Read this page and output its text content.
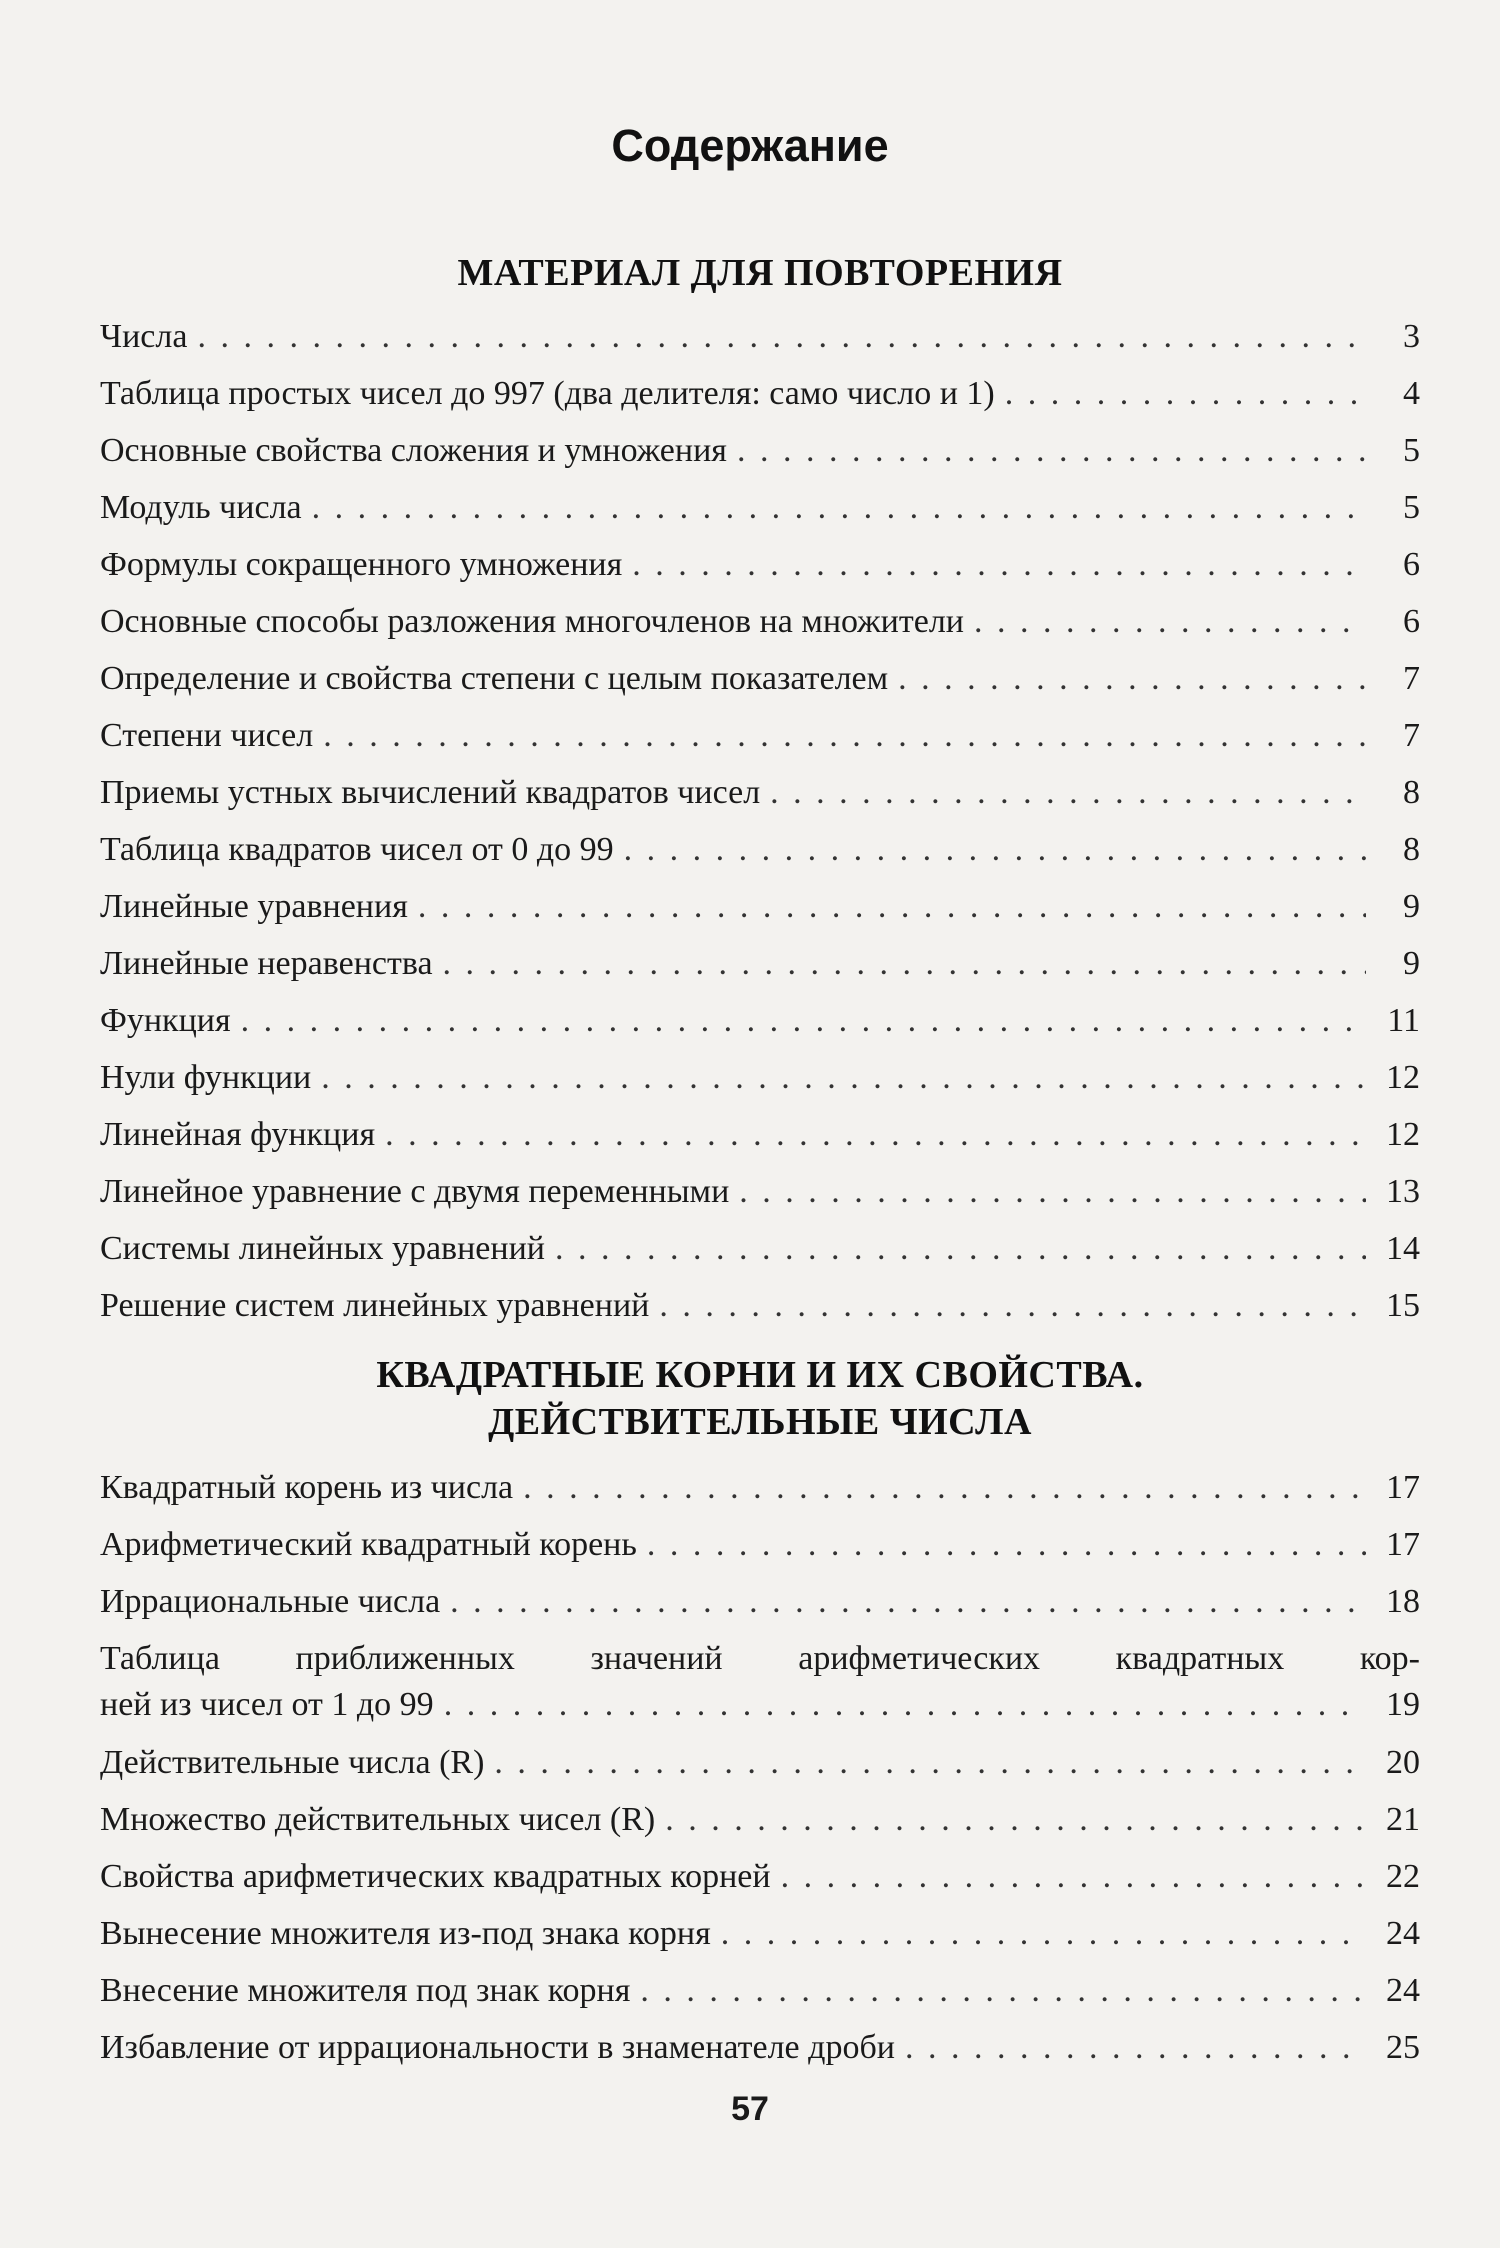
Содержание
МАТЕРИАЛ ДЛЯ ПОВТОРЕНИЯ
Числа . . .	3
Таблица простых чисел до 997 (два делителя: само число и 1) . . .	4
Основные свойства сложения и умножения . . .	5
Модуль числа . . .	5
Формулы сокращенного умножения . . .	6
Основные способы разложения многочленов на множители . . .	6
Определение и свойства степени с целым показателем . . .	7
Степени чисел . . .	7
Приемы устных вычислений квадратов чисел . . .	8
Таблица квадратов чисел от 0 до 99 . . .	8
Линейные уравнения . . .	9
Линейные неравенства . . .	9
Функция . . .	11
Нули функции . . .	12
Линейная функция . . .	12
Линейное уравнение с двумя переменными . . .	13
Системы линейных уравнений . . .	14
Решение систем линейных уравнений . . .	15
КВАДРАТНЫЕ КОРНИ И ИХ СВОЙСТВА.
ДЕЙСТВИТЕЛЬНЫЕ ЧИСЛА
Квадратный корень из числа . . .	17
Арифметический квадратный корень . . .	17
Иррациональные числа . . .	18
Таблица приближенных значений арифметических квадратных кор-
ней из чисел от 1 до 99 . . .	19
Действительные числа (R) . . .	20
Множество действительных чисел (R) . . .	21
Свойства арифметических квадратных корней . . .	22
Вынесение множителя из-под знака корня . . .	24
Внесение множителя под знак корня . . .	24
Избавление от иррациональности в знаменателе дроби . . .	25
57
